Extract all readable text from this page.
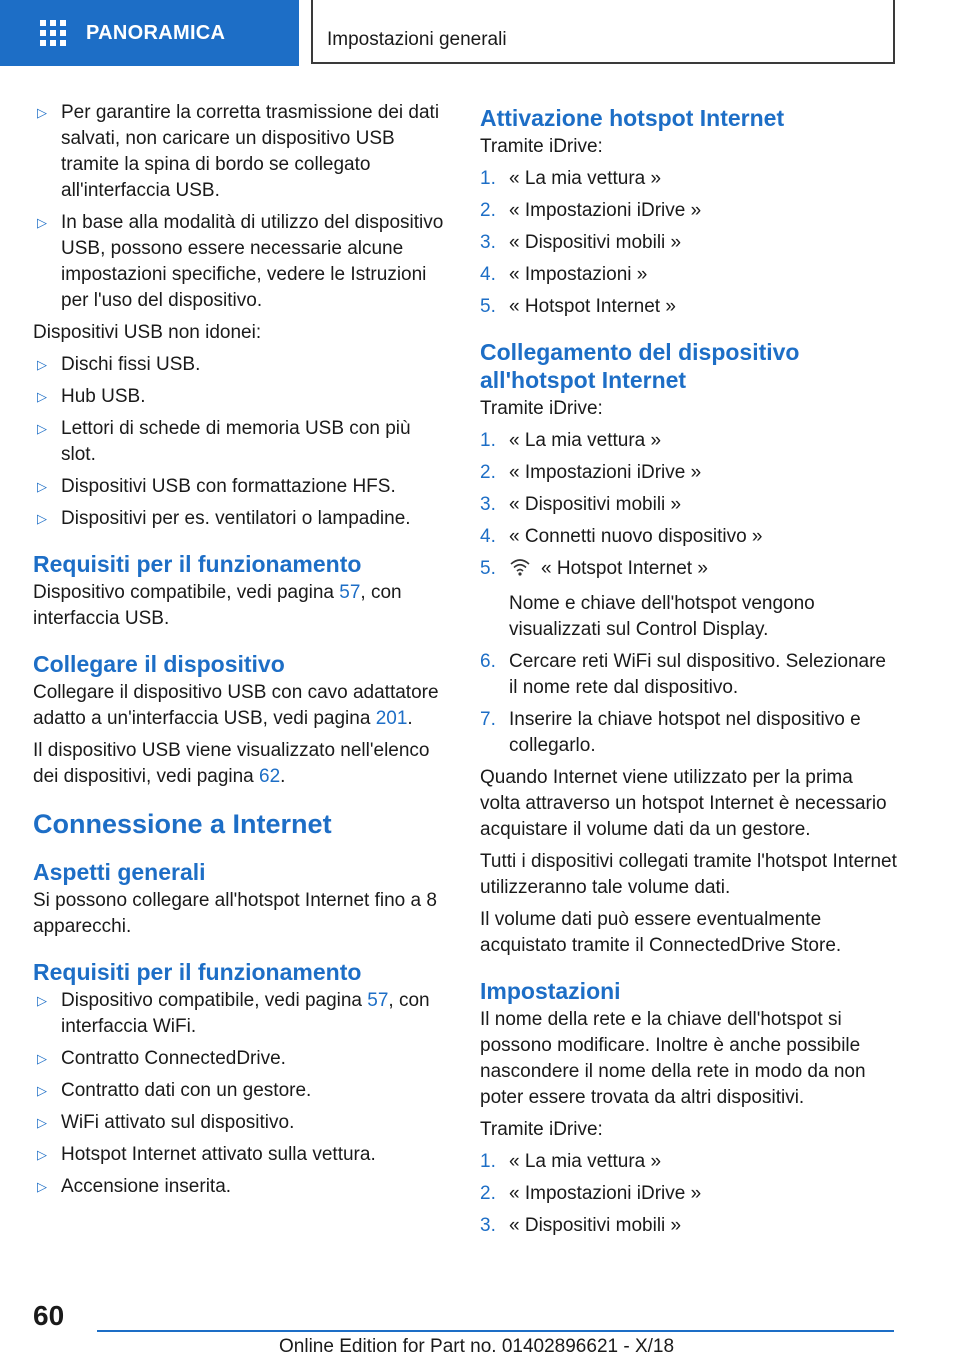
PANORAMICA	Impostazioni generali
▷ Per garantire la corretta trasmissione dei dati salvati, non caricare un dispositivo USB tramite la spina di bordo se collegato all'interfaccia USB.
▷ In base alla modalità di utilizzo del dispositivo USB, possono essere necessarie alcune impostazioni specifiche, vedere le Istruzioni per l'uso del dispositivo.

Dispositivi USB non idonei:

▷ Dischi fissi USB.
▷ Hub USB.
▷ Lettori di schede di memoria USB con più slot.
▷ Dispositivi USB con formattazione HFS.
▷ Dispositivi per es. ventilatori o lampadine.
Requisiti per il funzionamento

Dispositivo compatibile, vedi pagina 57, con interfaccia USB.

Collegare il dispositivo

Collegare il dispositivo USB con cavo adattatore adatto a un'interfaccia USB, vedi pagina 201.

Il dispositivo USB viene visualizzato nell'elenco dei dispositivi, vedi pagina 62.

Connessione a Internet
Aspetti generali

Si possono collegare all'hotspot Internet fino a 8 apparecchi.

Requisiti per il funzionamento
▷ Dispositivo compatibile, vedi pagina 57, con interfaccia WiFi.
▷ Contratto ConnectedDrive.
▷ Contratto dati con un gestore.
▷ WiFi attivato sul dispositivo.
▷ Hotspot Internet attivato sulla vettura.
▷ Accensione inserita.
Attivazione hotspot Internet

Tramite iDrive:

1. « La mia vettura »
2. « Impostazioni iDrive »
3. « Dispositivi mobili »
4. « Impostazioni »
5. « Hotspot Internet »
Collegamento del dispositivo all'hotspot Internet

Tramite iDrive:

1. « La mia vettura »
2. « Impostazioni iDrive »
3. « Dispositivi mobili »
4. « Connetti nuovo dispositivo »
5. « Hotspot Internet »
Nome e chiave dell'hotspot vengono visualizzati sul Control Display.
6. Cercare reti WiFi sul dispositivo. Selezionare il nome rete dal dispositivo.
7. Inserire la chiave hotspot nel dispositivo e collegarlo.

Quando Internet viene utilizzato per la prima volta attraverso un hotspot Internet è necessario acquistare il volume dati da un gestore.

Tutti i dispositivi collegati tramite l'hotspot Internet utilizzeranno tale volume dati.

Il volume dati può essere eventualmente acquistato tramite il ConnectedDrive Store.

Impostazioni

Il nome della rete e la chiave dell'hotspot si possono modificare. Inoltre è anche possibile nascondere il nome della rete in modo da non poter essere trovata da altri dispositivi.

Tramite iDrive:

1. « La mia vettura »
2. « Impostazioni iDrive »
3. « Dispositivi mobili »
60
Online Edition for Part no. 01402896621 - X/18
